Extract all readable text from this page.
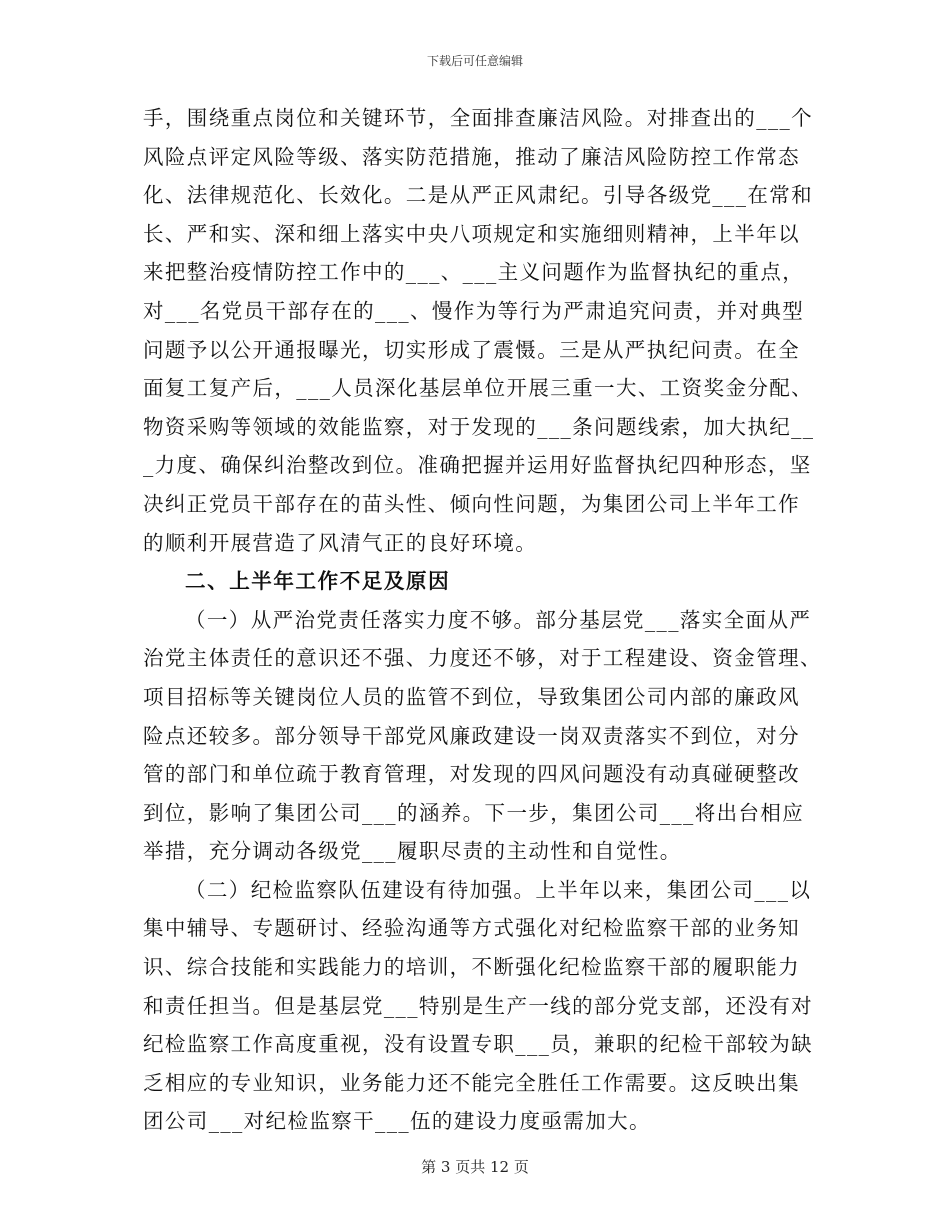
下载后可任意编辑
手，围绕重点岗位和关键环节，全面排查廉洁风险。对排查出的___个
风险点评定风险等级、落实防范措施，推动了廉洁风险防控工作常态
化、法律规范化、长效化。二是从严正风肃纪。引导各级党___在常和
长、严和实、深和细上落实中央八项规定和实施细则精神，上半年以
来把整治疫情防控工作中的___、___主义问题作为监督执纪的重点，
对___名党员干部存在的___、慢作为等行为严肃追究问责，并对典型
问题予以公开通报曝光，切实形成了震慑。三是从严执纪问责。在全
面复工复产后，___人员深化基层单位开展三重一大、工资奖金分配、
物资采购等领域的效能监察，对于发现的___条问题线索，加大执纪__
_力度、确保纠治整改到位。准确把握并运用好监督执纪四种形态，坚
决纠正党员干部存在的苗头性、倾向性问题，为集团公司上半年工作
的顺利开展营造了风清气正的良好环境。
二、上半年工作不足及原因
（一）从严治党责任落实力度不够。部分基层党___落实全面从严
治党主体责任的意识还不强、力度还不够，对于工程建设、资金管理、
项目招标等关键岗位人员的监管不到位，导致集团公司内部的廉政风
险点还较多。部分领导干部党风廉政建设一岗双责落实不到位，对分
管的部门和单位疏于教育管理，对发现的四风问题没有动真碰硬整改
到位，影响了集团公司___的涵养。下一步，集团公司___将出台相应
举措，充分调动各级党___履职尽责的主动性和自觉性。
（二）纪检监察队伍建设有待加强。上半年以来，集团公司___以
集中辅导、专题研讨、经验沟通等方式强化对纪检监察干部的业务知
识、综合技能和实践能力的培训，不断强化纪检监察干部的履职能力
和责任担当。但是基层党___特别是生产一线的部分党支部，还没有对
纪检监察工作高度重视，没有设置专职___员，兼职的纪检干部较为缺
乏相应的专业知识，业务能力还不能完全胜任工作需要。这反映出集
团公司___对纪检监察干___伍的建设力度亟需加大。
第 3 页共 12 页
